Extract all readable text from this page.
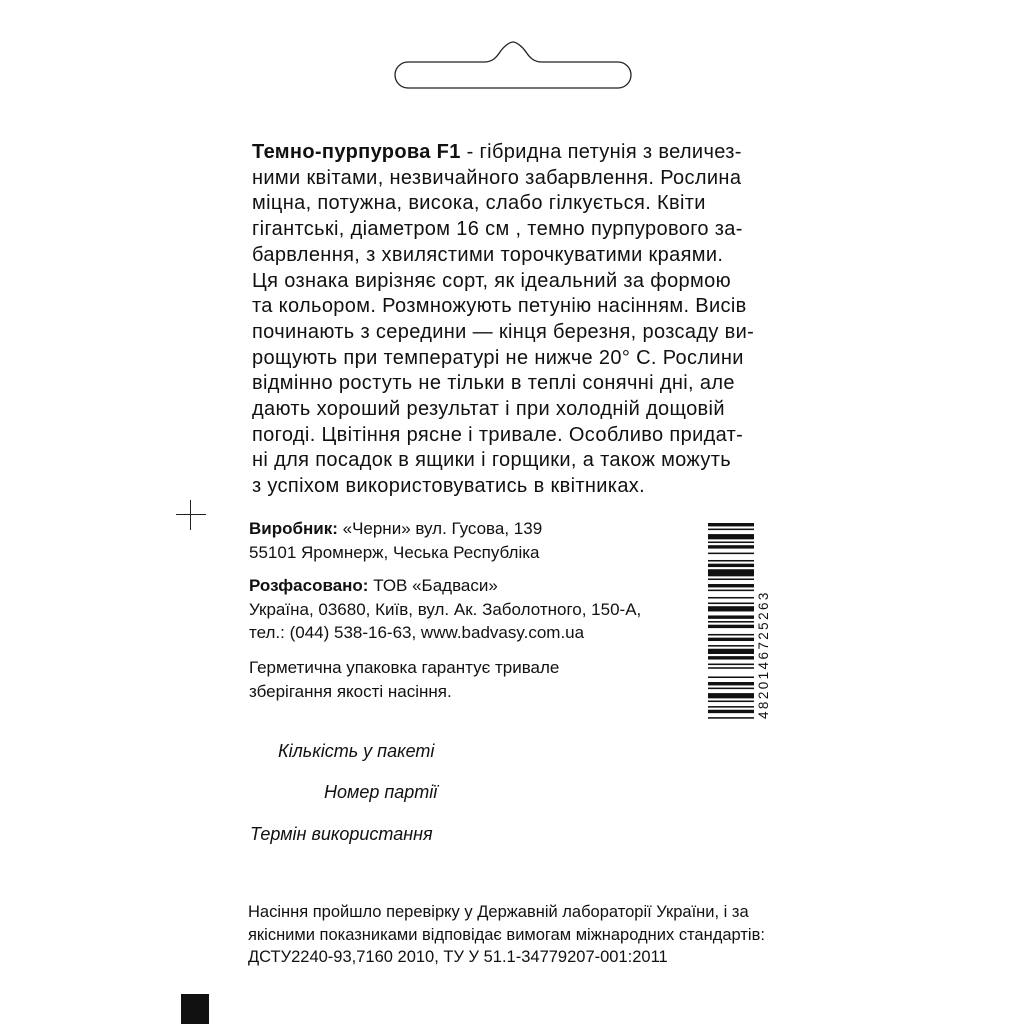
Темно-пурпурова F1 - гібридна петунія з величез-
ними квітами, незвичайного забарвлення. Рослина
міцна, потужна, висока, слабо гілкується. Квіти
гігантські, діаметром 16 см , темно пурпурового за-
барвлення, з хвилястими торочкуватими краями.
Ця ознака вирізняє сорт, як ідеальний за формою
та кольором. Розмножують петунію насінням. Висів
починають з середини — кінця березня, розсаду ви-
рощують при температурі не нижче 20° С. Рослини
відмінно ростуть не тільки в теплі сонячні дні, але
дають хороший результат і при холодній дощовій
погоді. Цвітіння рясне і тривале. Особливо придат-
ні для посадок в ящики і горщики, а також можуть
з успіхом використовуватись в квітниках.

Виробник: «Черни» вул. Гусова, 139
55101 Яромнерж, Чеська Республіка

Розфасовано: ТОВ «Бадваси»
Україна, 03680, Київ, вул. Ак. Заболотного, 150-А,
тел.: (044) 538-16-63, www.badvasy.com.ua

Герметична упаковка гарантує тривале
зберігання якості насіння.	4820146725263

Кількість у пакеті

Номер партії

Термін використання

Насіння пройшло перевірку у Державній лабораторії України, і за
якісними показниками відповідає вимогам міжнародних стандартів:
ДСТУ2240-93,7160 2010, ТУ У 51.1-34779207-001:2011
